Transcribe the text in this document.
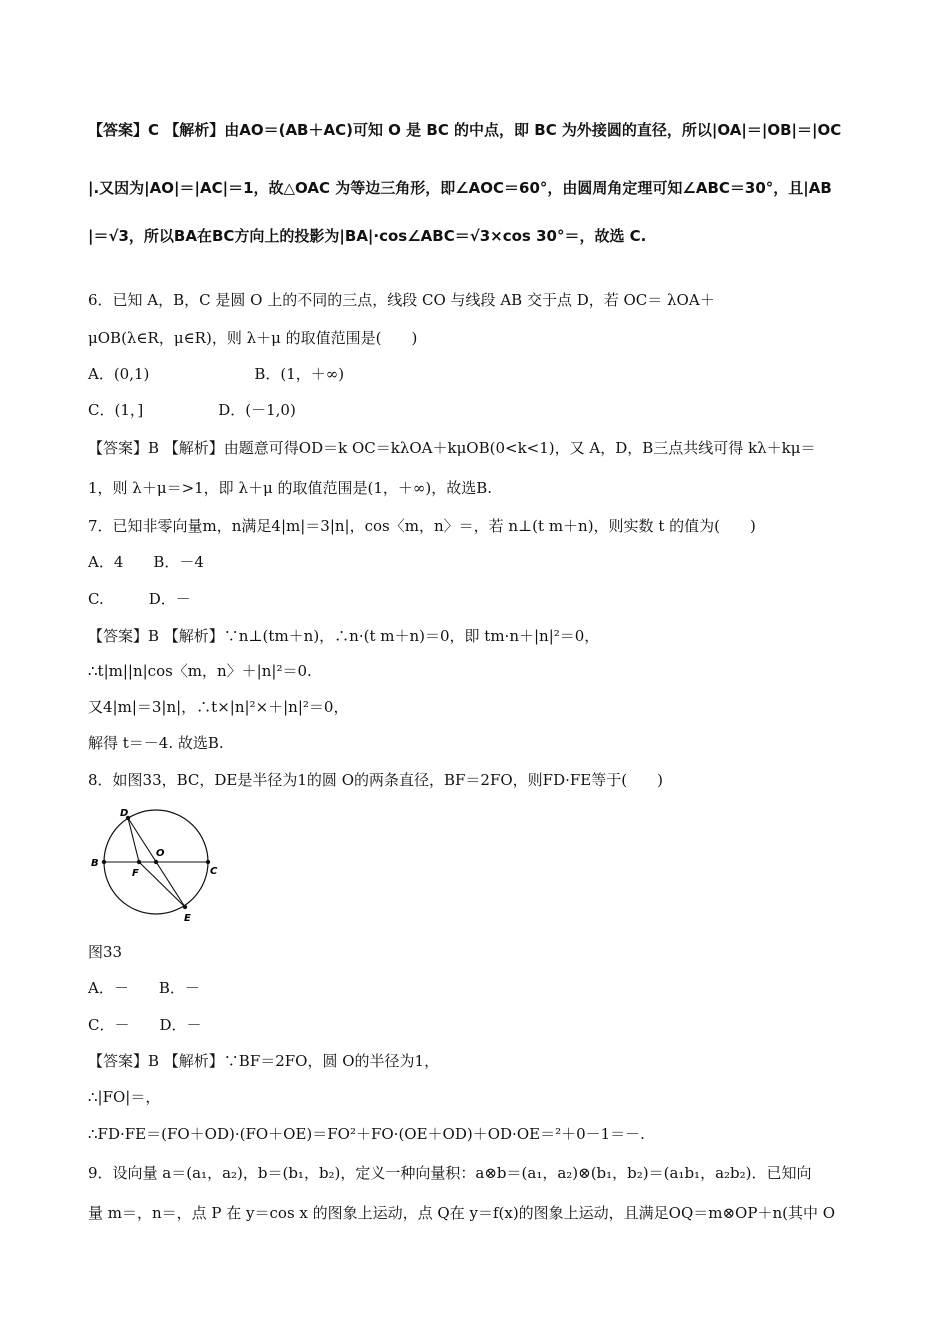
【答案】C 【解析】由AO＝(AB＋AC)可知 O 是 BC 的中点，即 BC 为外接圆的直径，所以|OA|＝|OB|＝|OC
|.又因为|AO|＝|AC|＝1，故△OAC 为等边三角形，即∠AOC＝60°，由圆周角定理可知∠ABC＝30°，且|AB
|＝√3，所以BA在BC方向上的投影为|BA|·cos∠ABC＝√3×cos 30°＝，故选 C.
6．已知 A，B，C 是圆 O 上的不同的三点，线段 CO 与线段 AB 交于点 D，若 OC＝ λOA＋
μOB(λ∈R，μ∈R)，则 λ＋μ 的取值范围是(　　)
A．(0,1)　　　　　　　B．(1，＋∞)
C．(1，]　　　　　D．(－1,0)
【答案】B 【解析】由题意可得OD＝k OC＝kλOA＋kμOB(0<k<1)，又 A，D，B三点共线可得 kλ＋kμ＝
1，则 λ＋μ＝>1，即 λ＋μ 的取值范围是(1，＋∞)，故选B.
7．已知非零向量m，n满足4|m|＝3|n|，cos〈m，n〉＝，若 n⊥(t m＋n)，则实数 t 的值为(　　)
A．4　　B．－4
C.　　　D．－
【答案】B 【解析】∵n⊥(tm＋n)，∴n·(t m＋n)＝0，即 tm·n＋|n|²＝0，
∴t|m||n|cos〈m，n〉＋|n|²＝0.
又4|m|＝3|n|，∴t×|n|²×＋|n|²＝0，
解得 t＝－4. 故选B.
8．如图33，BC，DE是半径为1的圆 O的两条直径，BF＝2FO，则FD·FE等于(　　)
图33
A．－　　B．－
C．－　　D．－
【答案】B 【解析】∵BF＝2FO，圆 O的半径为1，
∴|FO|＝，
∴FD·FE＝(FO＋OD)·(FO＋OE)＝FO²＋FO·(OE＋OD)＋OD·OE＝²＋0－1＝－.
9．设向量 a＝(a₁，a₂)，b＝(b₁，b₂)，定义一种向量积：a⊗b＝(a₁，a₂)⊗(b₁，b₂)＝(a₁b₁，a₂b₂)．已知向
量 m＝，n＝，点 P 在 y＝cos x 的图象上运动，点 Q在 y＝f(x)的图象上运动，且满足OQ＝m⊗OP＋n(其中 O
D
O
B
F	C
E
